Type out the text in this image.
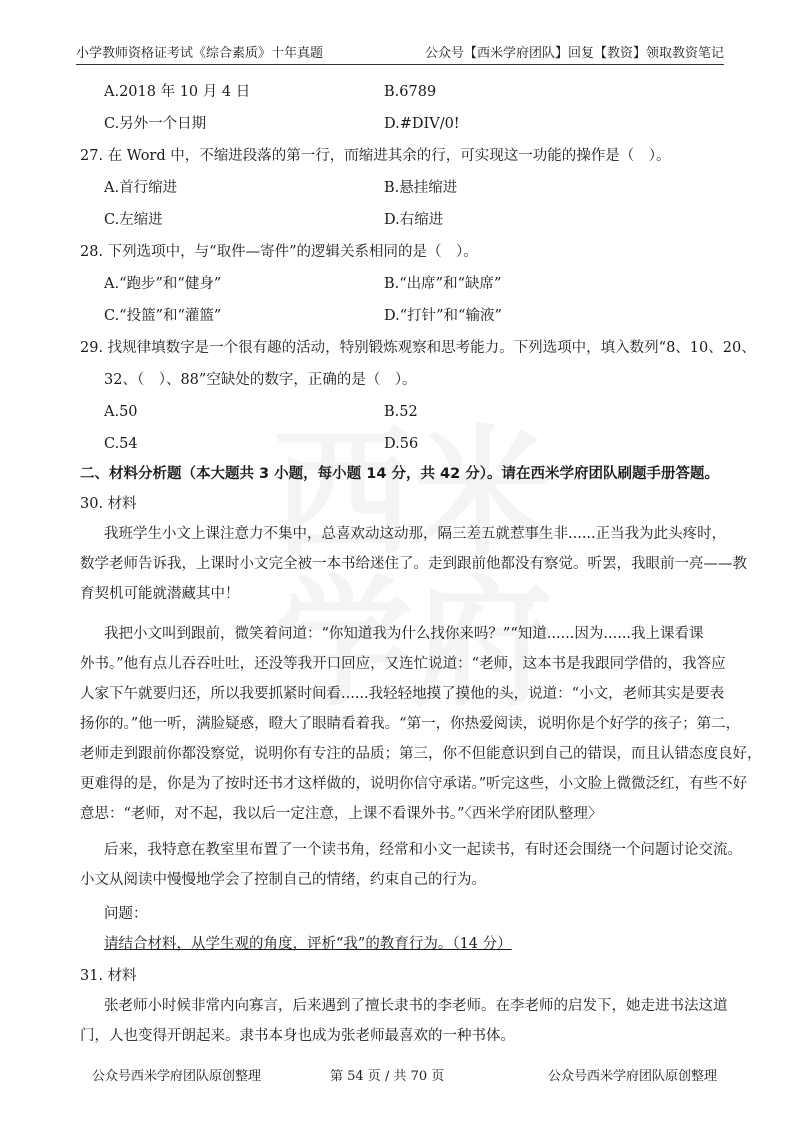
小学教师资格证考试《综合素质》十年真题	公众号【西米学府团队】回复【教资】领取教资笔记
A.2018 年 10 月 4 日	B.6789
C.另外一个日期	D.#DIV/0!
27. 在 Word 中，不缩进段落的第一行，而缩进其余的行，可实现这一功能的操作是（　）。
A.首行缩进	B.悬挂缩进
C.左缩进	D.右缩进
28. 下列选项中，与“取件—寄件”的逻辑关系相同的是（　）。
A.“跑步”和“健身”	B.“出席”和“缺席”
C.“投篮”和“灌篮”	D.“打针”和“输液”
29. 找规律填数字是一个很有趣的活动，特别锻炼观察和思考能力。下列选项中，填入数列“8、10、20、
32、（　）、88”空缺处的数字，正确的是（　）。
A.50	B.52
C.54	D.56
二、材料分析题（本大题共 3 小题，每小题 14 分，共 42 分）。请在西米学府团队刷题手册答题。
30. 材料
我班学生小文上课注意力不集中，总喜欢动这动那，隔三差五就惹事生非......正当我为此头疼时，
数学老师告诉我，上课时小文完全被一本书给迷住了。走到跟前他都没有察觉。听罢，我眼前一亮——教
育契机可能就潜藏其中！
我把小文叫到跟前，微笑着问道：“你知道我为什么找你来吗？”“知道......因为......我上课看课
外书。”他有点儿吞吞吐吐，还没等我开口回应，又连忙说道：“老师，这本书是我跟同学借的，我答应
人家下午就要归还，所以我要抓紧时间看......我轻轻地摸了摸他的头，说道：“小文，老师其实是要表
扬你的。”他一听，满脸疑惑，瞪大了眼睛看着我。“第一，你热爱阅读，说明你是个好学的孩子；第二，
老师走到跟前你都没察觉，说明你有专注的品质；第三，你不但能意识到自己的错误，而且认错态度良好，
更难得的是，你是为了按时还书才这样做的，说明你信守承诺。”听完这些，小文脸上微微泛红，有些不好
意思：“老师，对不起，我以后一定注意，上课不看课外书。”〈西米学府团队整理〉
后来，我特意在教室里布置了一个读书角，经常和小文一起读书，有时还会围绕一个问题讨论交流。
小文从阅读中慢慢地学会了控制自己的情绪，约束自己的行为。
问题：
请结合材料，从学生观的角度，评析“我”的教育行为。（14 分）
31. 材料
张老师小时候非常内向寡言，后来遇到了擅长隶书的李老师。在李老师的启发下，她走进书法这道
门，人也变得开朗起来。隶书本身也成为张老师最喜欢的一种书体。
公众号西米学府团队原创整理	第 54 页 / 共 70 页	公众号西米学府团队原创整理
